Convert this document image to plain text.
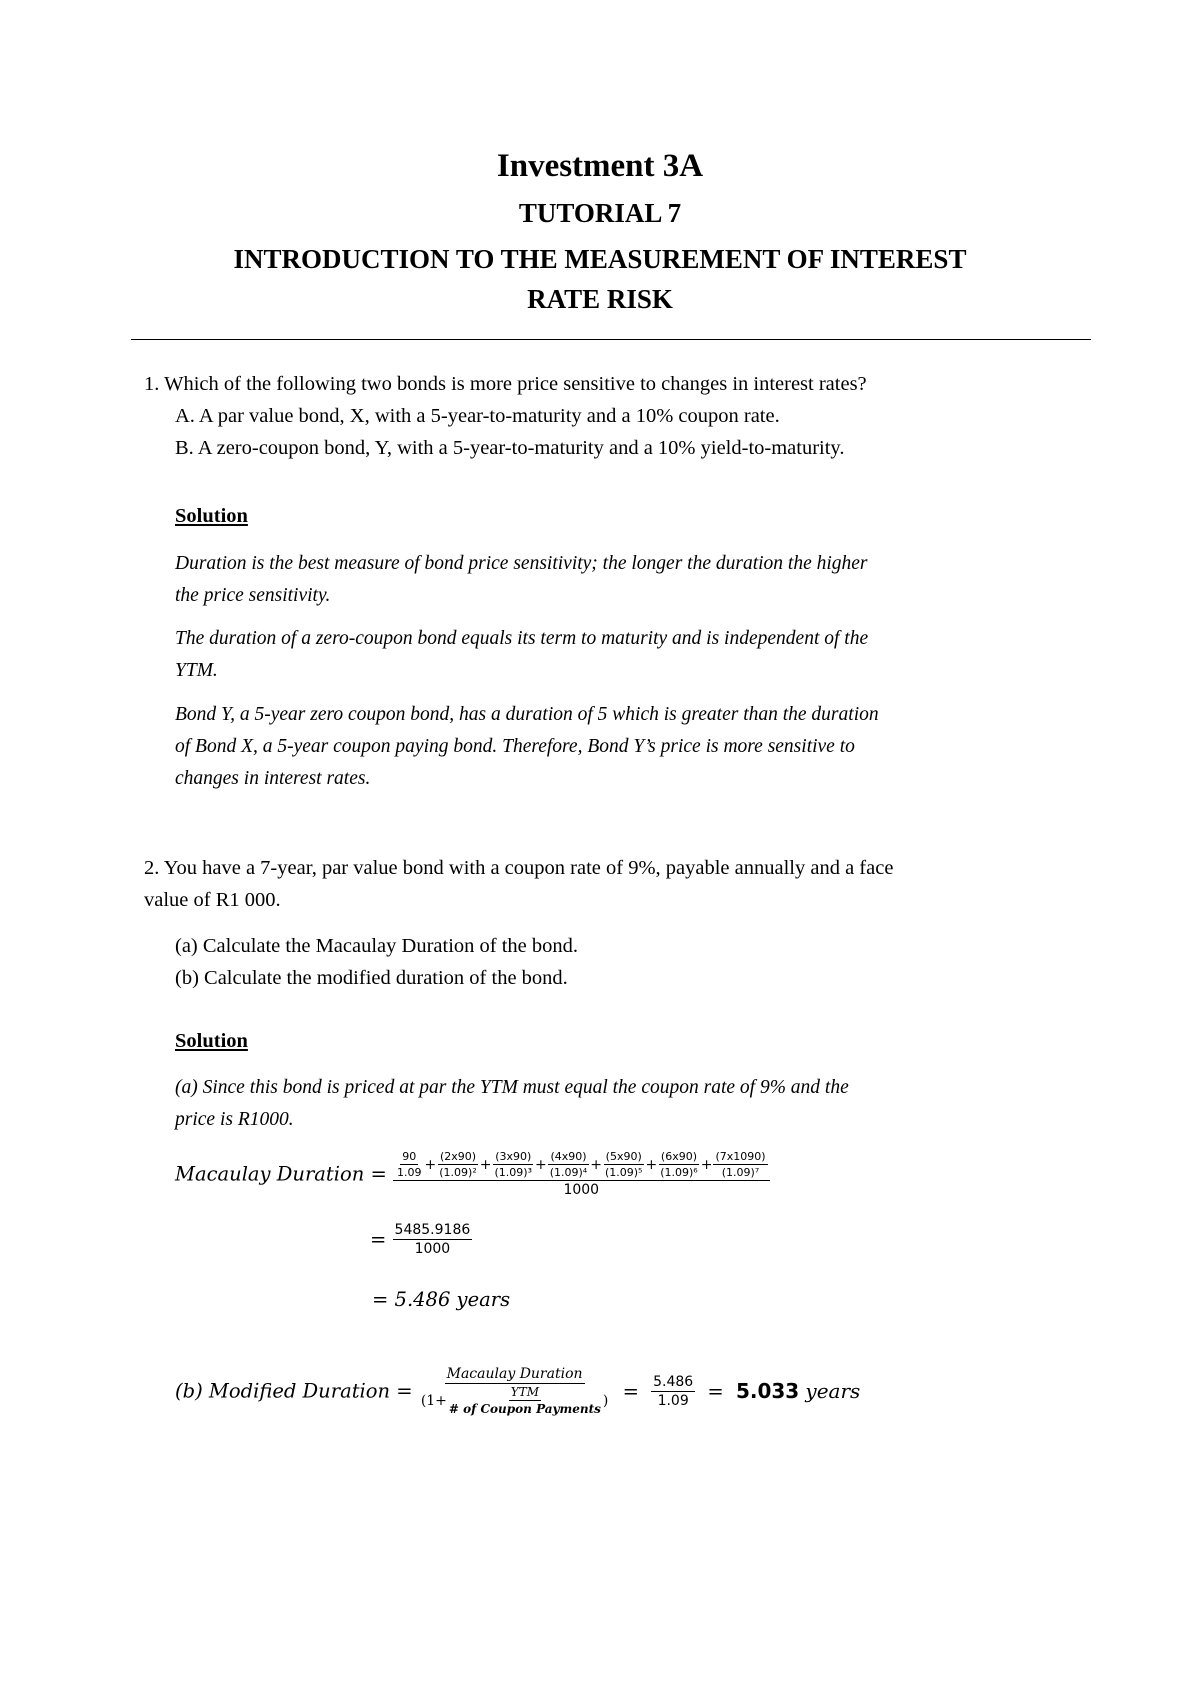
Investment 3A
TUTORIAL 7
INTRODUCTION TO THE MEASUREMENT OF INTEREST
RATE RISK
1. Which of the following two bonds is more price sensitive to changes in interest rates?
A. A par value bond, X, with a 5-year-to-maturity and a 10% coupon rate.
B. A zero-coupon bond, Y, with a 5-year-to-maturity and a 10% yield-to-maturity.
Solution
Duration is the best measure of bond price sensitivity; the longer the duration the higher
the price sensitivity.
The duration of a zero-coupon bond equals its term to maturity and is independent of the
YTM.
Bond Y, a 5-year zero coupon bond, has a duration of 5 which is greater than the duration
of Bond X, a 5-year coupon paying bond. Therefore, Bond Y’s price is more sensitive to
changes in interest rates.
2. You have a 7-year, par value bond with a coupon rate of 9%, payable annually and a face
value of R1 000.
(a) Calculate the Macaulay Duration of the bond.
(b) Calculate the modified duration of the bond.
Solution
(a) Since this bond is priced at par the YTM must equal the coupon rate of 9% and the
price is R1000.
Macaulay Duration = $\frac{90}{1.09} + \frac{(2x90)}{\text{(1.09)²}} + \frac{(3x90)}{\text{(1.09)³}} + \frac{(4x90)}{\text{(1.09)⁴}} + \frac{(5x90)}{\text{(1.09)⁵}} + \frac{(6x90)}{\text{(1.09)⁶}} + \frac{(7x1090)}{\text{(1.09)⁷}}$
1000
= $\frac{5485.9186}{1000}$
= 5.486 years
(b) Modified Duration =
Macaulay Duration
($1+ \frac{\text{YTM}}{\text{\# of Coupon Payments}}$ ) = $\frac{5.486}{1.09} = 5.033$ years
